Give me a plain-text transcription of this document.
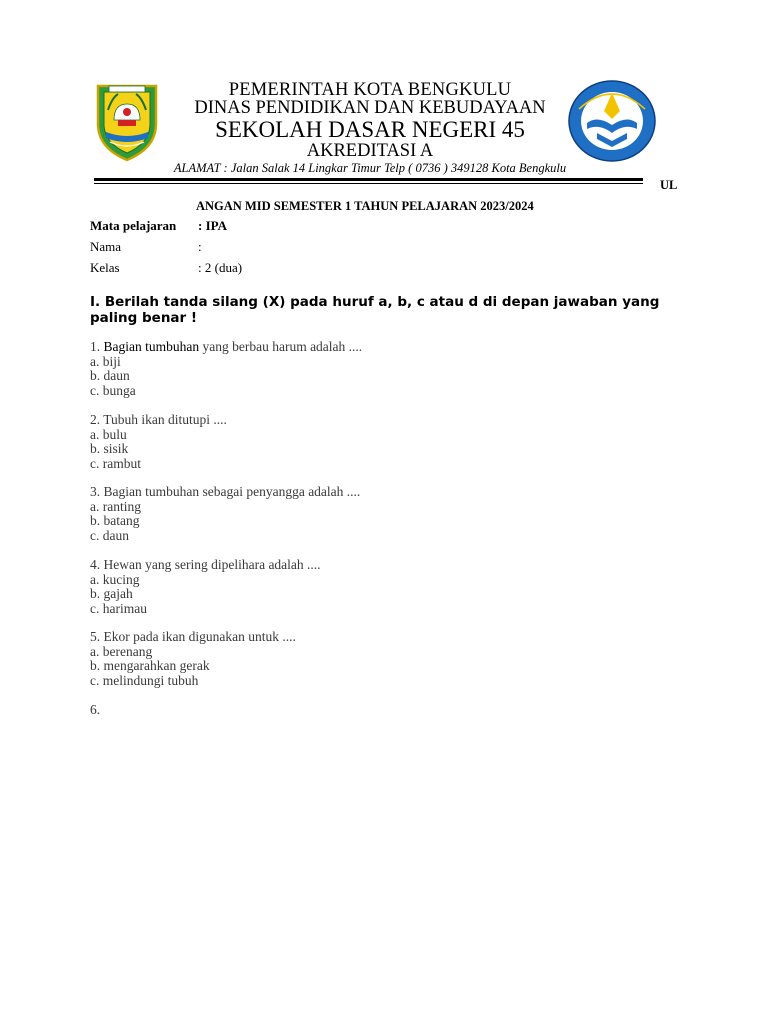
PEMERINTAH KOTA BENGKULU
DINAS PENDIDIKAN DAN KEBUDAYAAN
SEKOLAH DASAR NEGERI 45
AKREDITASI A
ALAMAT : Jalan Salak 14 Lingkar Timur Telp ( 0736 ) 349128 Kota Bengkulu
UL
ANGAN MID SEMESTER 1 TAHUN PELAJARAN 2023/2024
Mata pelajaran : IPA
Nama	:
Kelas	: 2 (dua)
I. Berilah tanda silang (X) pada huruf a, b, c atau d di depan jawaban yang paling benar !
1. Bagian tumbuhan yang berbau harum adalah ....
a. biji
b. daun
c. bunga
2. Tubuh ikan ditutupi ....
a. bulu
b. sisik
c. rambut
3. Bagian tumbuhan sebagai penyangga adalah ....
a. ranting
b. batang
c. daun
4. Hewan yang sering dipelihara adalah ....
a. kucing
b. gajah
c. harimau
5. Ekor pada ikan digunakan untuk ....
a. berenang
b. mengarahkan gerak
c. melindungi tubuh
6.
